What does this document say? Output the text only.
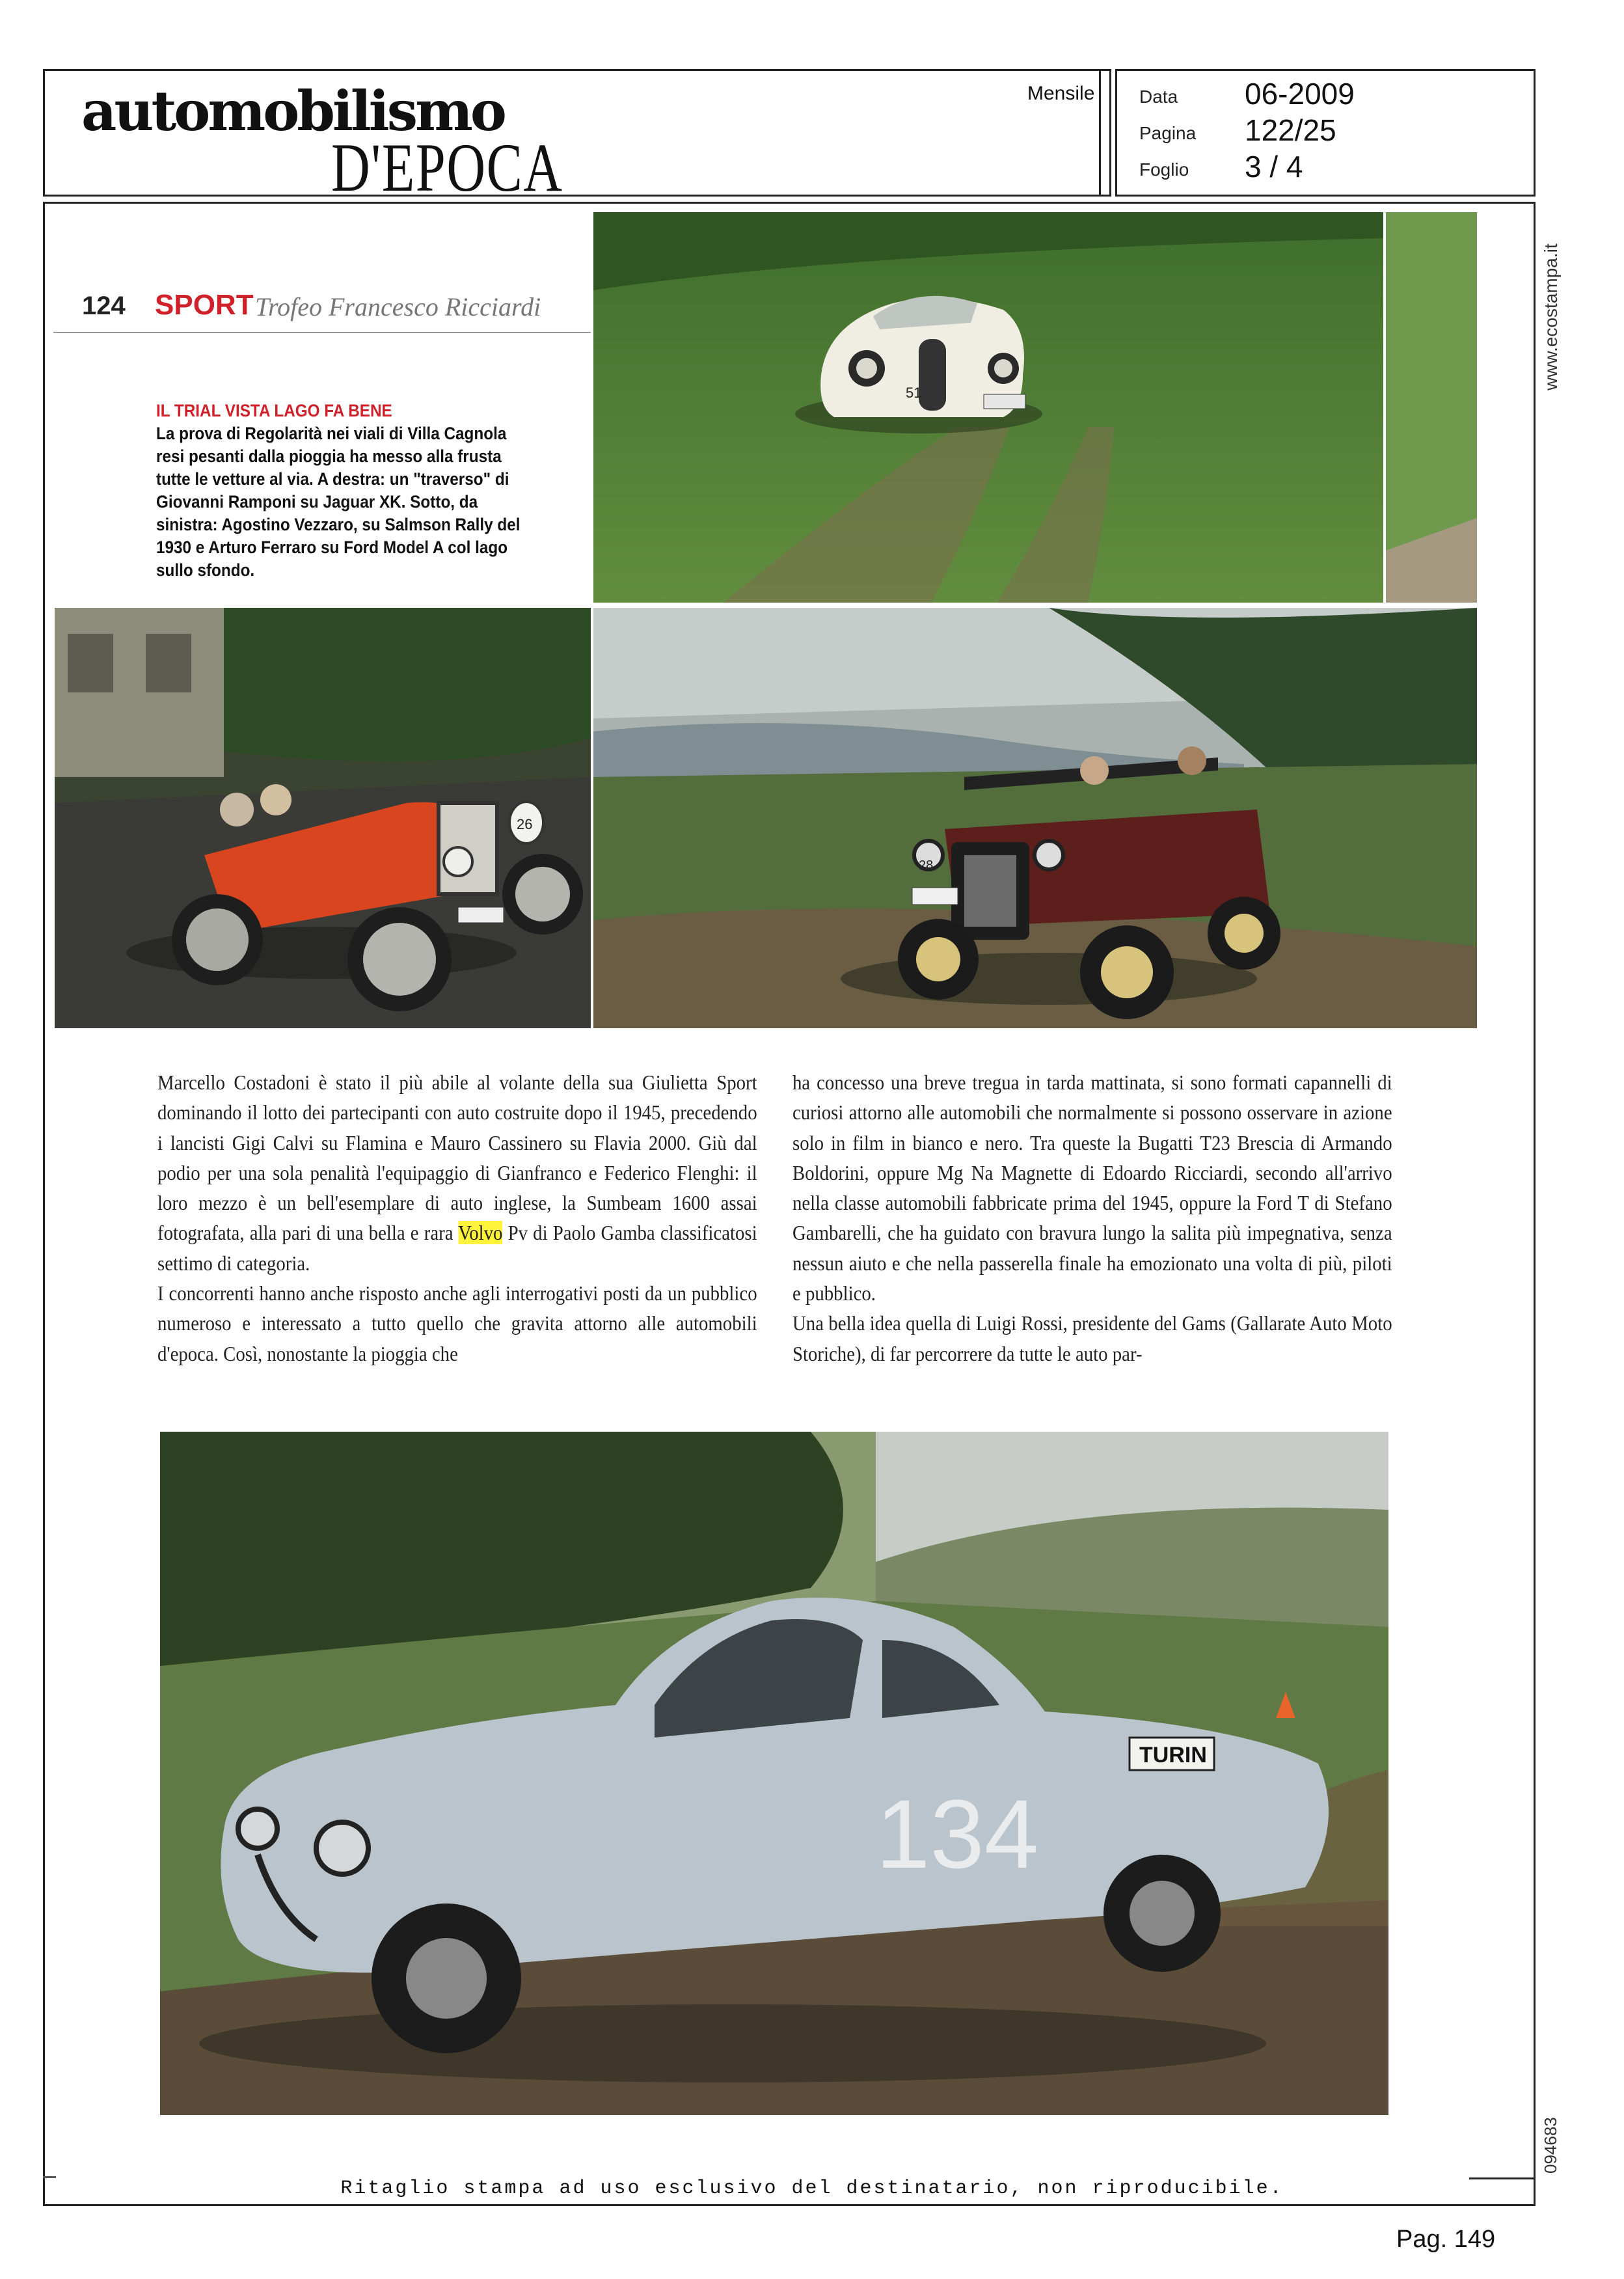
automobilismo
D'EPOCA
Mensile Data 06-2009
Pagina 122/25
Foglio 3 / 4
www.ecostampa.it
094683
124 SPORT Trofeo Francesco Ricciardi
IL TRIAL VISTA LAGO FA BENE
La prova di Regolarità nei viali di Villa Cagnola resi pesanti dalla pioggia ha messo alla frusta tutte le vetture al via. A destra: un "traverso" di Giovanni Ramponi su Jaguar XK. Sotto, da sinistra: Agostino Vezzaro, su Salmson Rally del 1930 e Arturo Ferraro su Ford Model A col lago sullo sfondo.
51
26
28

Marcello Costadoni è stato il più abile al volante della sua Giulietta Sport dominando il lotto dei partecipanti con auto costruite dopo il 1945, precedendo i lancisti Gigi Calvi su Flamina e Mauro Cassinero su Flavia 2000. Giù dal podio per una sola penalità l'equipaggio di Gianfranco e Federico Flenghi: il loro mezzo è un bell'esemplare di auto inglese, la Sumbeam 1600 assai fotografata, alla pari di una bella e rara Volvo Pv di Paolo Gamba classificatosi settimo di categoria.

I concorrenti hanno anche risposto anche agli interrogativi posti da un pubblico numeroso e interessato a tutto quello che gravita attorno alle automobili d'epoca. Così, nonostante la pioggia che

ha concesso una breve tregua in tarda mattinata, si sono formati capannelli di curiosi attorno alle automobili che normalmente si possono osservare in azione solo in film in bianco e nero. Tra queste la Bugatti T23 Brescia di Armando Boldorini, oppure Mg Na Magnette di Edoardo Ricciardi, secondo all'arrivo nella classe automobili fabbricate prima del 1945, oppure la Ford T di Stefano Gambarelli, che ha guidato con bravura lungo la salita più impegnativa, senza nessun aiuto e che nella passerella finale ha emozionato una volta di più, piloti e pubblico.

Una bella idea quella di Luigi Rossi, presidente del Gams (Gallarate Auto Moto Storiche), di far percorrere da tutte le auto par-

TURIN
134
Ritaglio stampa ad uso esclusivo del destinatario, non riproducibile.
Pag. 149
